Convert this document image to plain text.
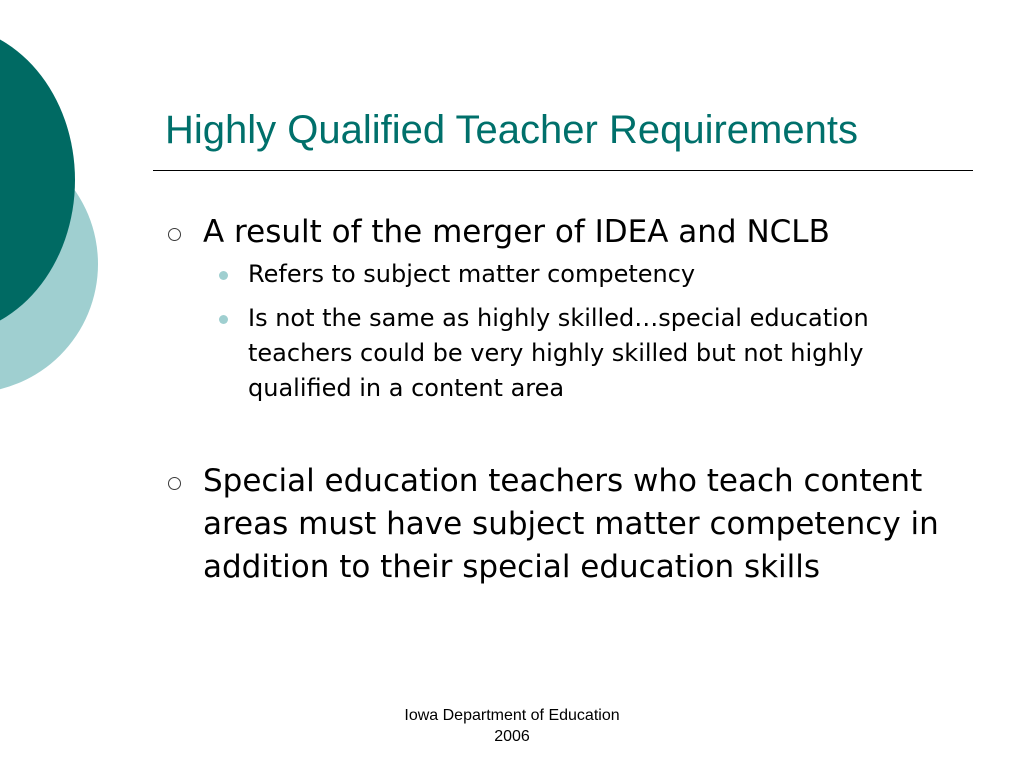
Highly Qualified Teacher Requirements
A result of the merger of IDEA and NCLB
Refers to subject matter competency
Is not the same as highly skilled…special education teachers could be very highly skilled but not highly qualified in a content area
Special education teachers who teach content areas must have subject matter competency in addition to their special education skills
Iowa Department of Education
2006
